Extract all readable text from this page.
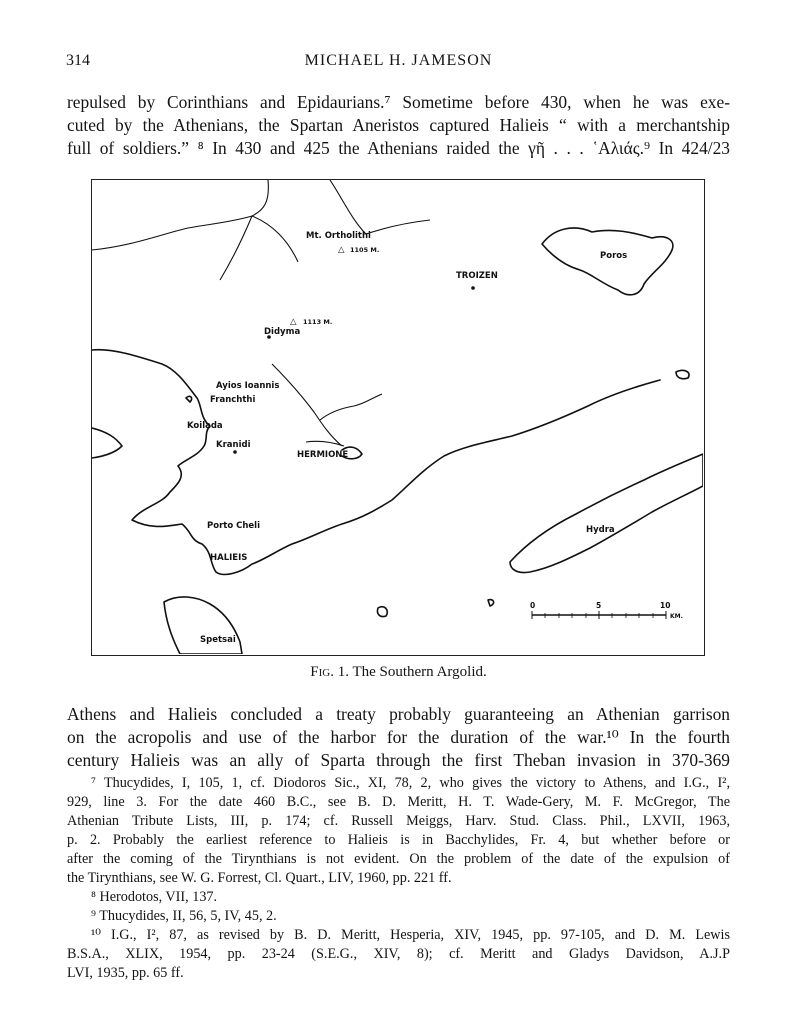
314	MICHAEL H. JAMESON
repulsed by Corinthians and Epidaurians.⁷ Sometime before 430, when he was exe-
cuted by the Athenians, the Spartan Aneristos captured Halieis “ with a merchantship
full of soldiers.” ⁸ In 430 and 425 the Athenians raided the γῆ . . . ῾Αλιάς.⁹ In 424/23
Mt. Ortholithi
△ 1105 M.
TROIZEN
Poros
△ 1113 M.
Didyma
Ayios Ioannis
Franchthi
Koilada
Kranidi
HERMIONE
Porto Cheli
HALIEIS
Hydra
Spetsai
0	5	10
KM.
Fig. 1. The Southern Argolid.
Athens and Halieis concluded a treaty probably guaranteeing an Athenian garrison
on the acropolis and use of the harbor for the duration of the war.¹⁰ In the fourth
century Halieis was an ally of Sparta through the first Theban invasion in 370-369
⁷ Thucydides, I, 105, 1, cf. Diodoros Sic., XI, 78, 2, who gives the victory to Athens, and I.G., I²,
929, line 3. For the date 460 B.C., see B. D. Meritt, H. T. Wade-Gery, M. F. McGregor, The
Athenian Tribute Lists, III, p. 174; cf. Russell Meiggs, Harv. Stud. Class. Phil., LXVII, 1963,
p. 2. Probably the earliest reference to Halieis is in Bacchylides, Fr. 4, but whether before or
after the coming of the Tirynthians is not evident. On the problem of the date of the expulsion of
the Tirynthians, see W. G. Forrest, Cl. Quart., LIV, 1960, pp. 221 ff.
⁸ Herodotos, VII, 137.
⁹ Thucydides, II, 56, 5, IV, 45, 2.
¹⁰ I.G., I², 87, as revised by B. D. Meritt, Hesperia, XIV, 1945, pp. 97-105, and D. M. Lewis
B.S.A., XLIX, 1954, pp. 23-24 (S.E.G., XIV, 8); cf. Meritt and Gladys Davidson, A.J.P
LVI, 1935, pp. 65 ff.
